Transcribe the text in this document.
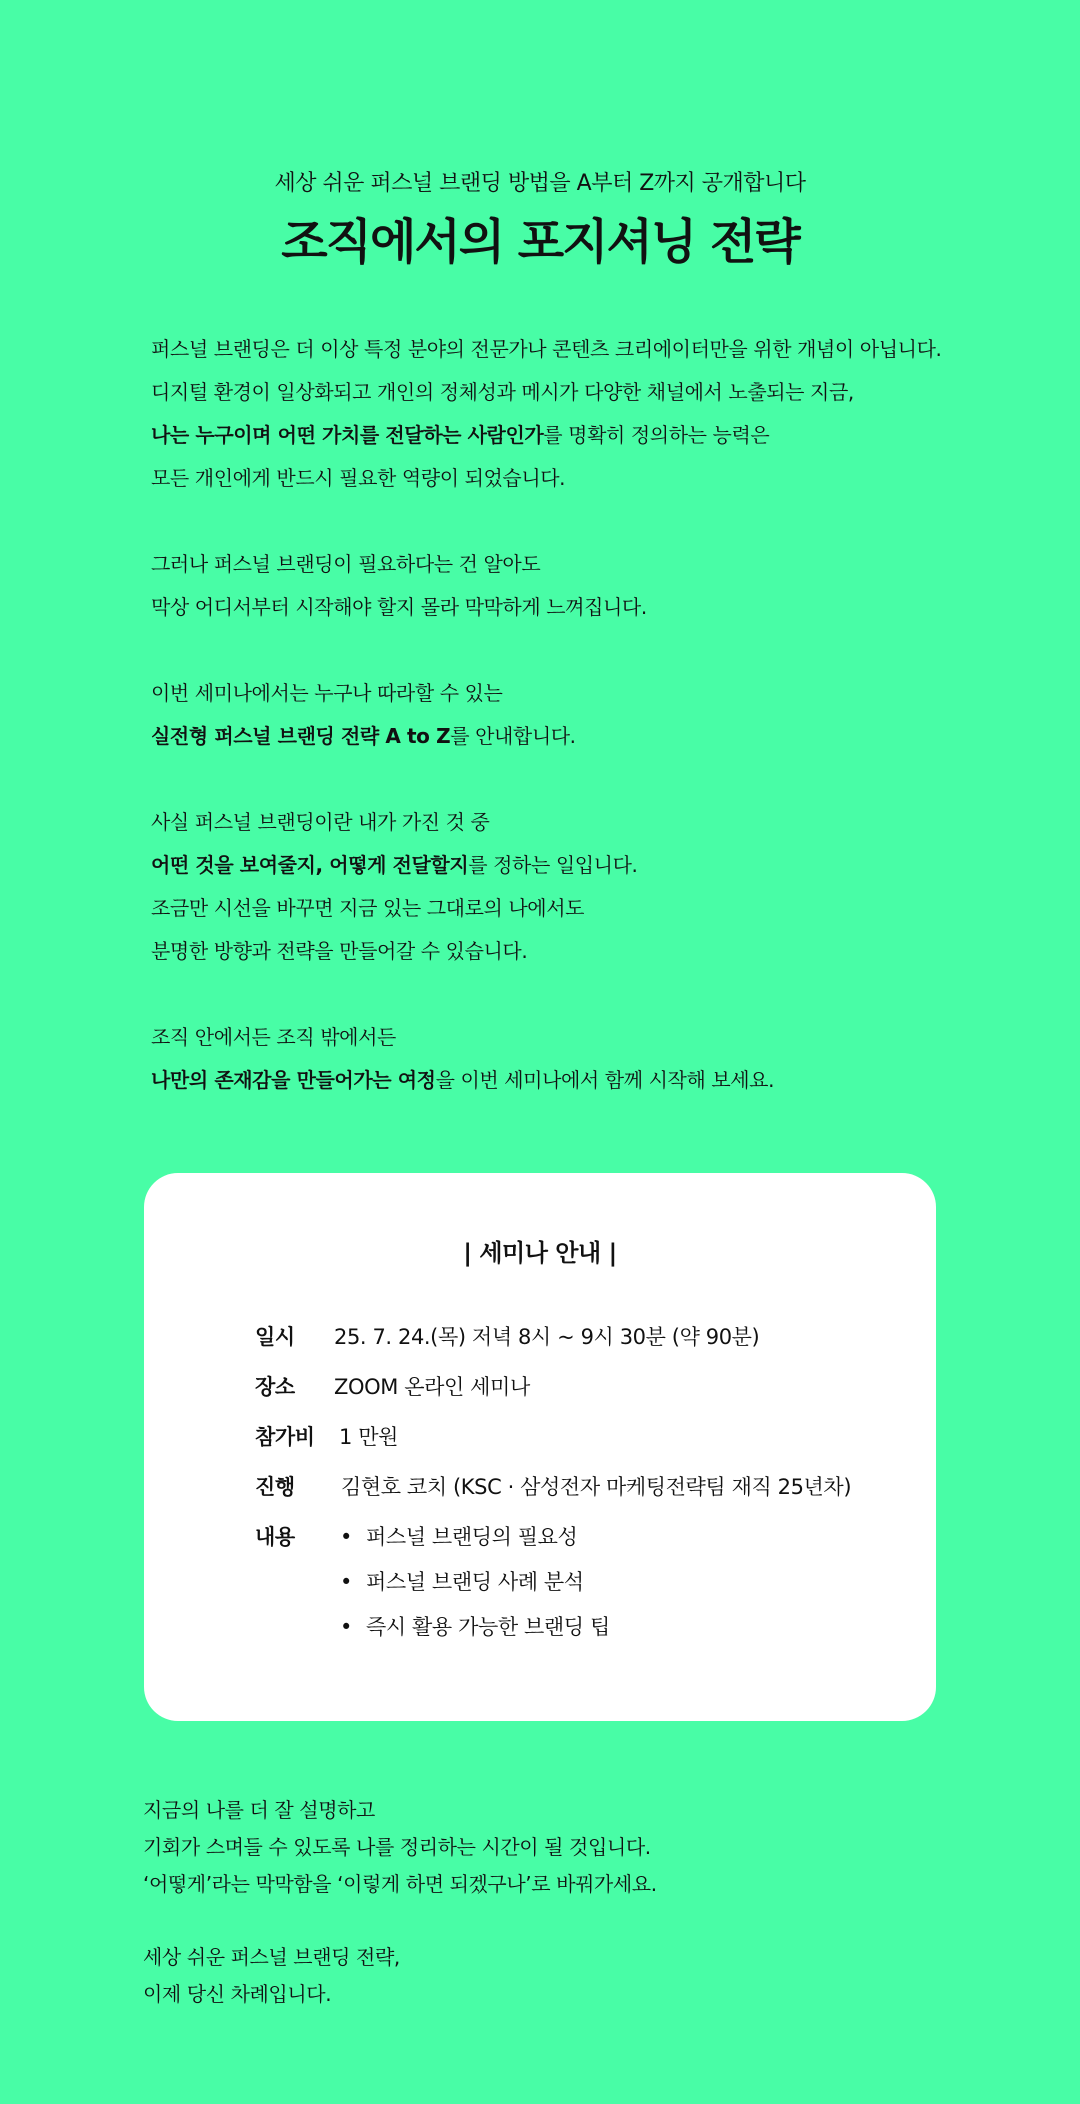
세상 쉬운 퍼스널 브랜딩 방법을 A부터 Z까지 공개합니다
조직에서의 포지셔닝 전략
퍼스널 브랜딩은 더 이상 특정 분야의 전문가나 콘텐츠 크리에이터만을 위한 개념이 아닙니다.
디지털 환경이 일상화되고 개인의 정체성과 메시가 다양한 채널에서 노출되는 지금,
나는 누구이며 어떤 가치를 전달하는 사람인가를 명확히 정의하는 능력은
모든 개인에게 반드시 필요한 역량이 되었습니다.
그러나 퍼스널 브랜딩이 필요하다는 건 알아도
막상 어디서부터 시작해야 할지 몰라 막막하게 느껴집니다.
이번 세미나에서는 누구나 따라할 수 있는
실전형 퍼스널 브랜딩 전략 A to Z를 안내합니다.
사실 퍼스널 브랜딩이란 내가 가진 것 중
어떤 것을 보여줄지, 어떻게 전달할지를 정하는 일입니다.
조금만 시선을 바꾸면 지금 있는 그대로의 나에서도
분명한 방향과 전략을 만들어갈 수 있습니다.
조직 안에서든 조직 밖에서든
나만의 존재감을 만들어가는 여정을 이번 세미나에서 함께 시작해 보세요.
| 세미나 안내 |
일시 25. 7. 24.(목) 저녁 8시 ~ 9시 30분 (약 90분)
장소 ZOOM 온라인 세미나
참가비 1 만원
진행 김현호 코치 (KSC · 삼성전자 마케팅전략팀 재직 25년차)
내용 • 퍼스널 브랜딩의 필요성
• 퍼스널 브랜딩 사례 분석
• 즉시 활용 가능한 브랜딩 팁
지금의 나를 더 잘 설명하고
기회가 스며들 수 있도록 나를 정리하는 시간이 될 것입니다.
‘어떻게’라는 막막함을 ‘이렇게 하면 되겠구나’로 바꿔가세요.
세상 쉬운 퍼스널 브랜딩 전략,
이제 당신 차례입니다.
